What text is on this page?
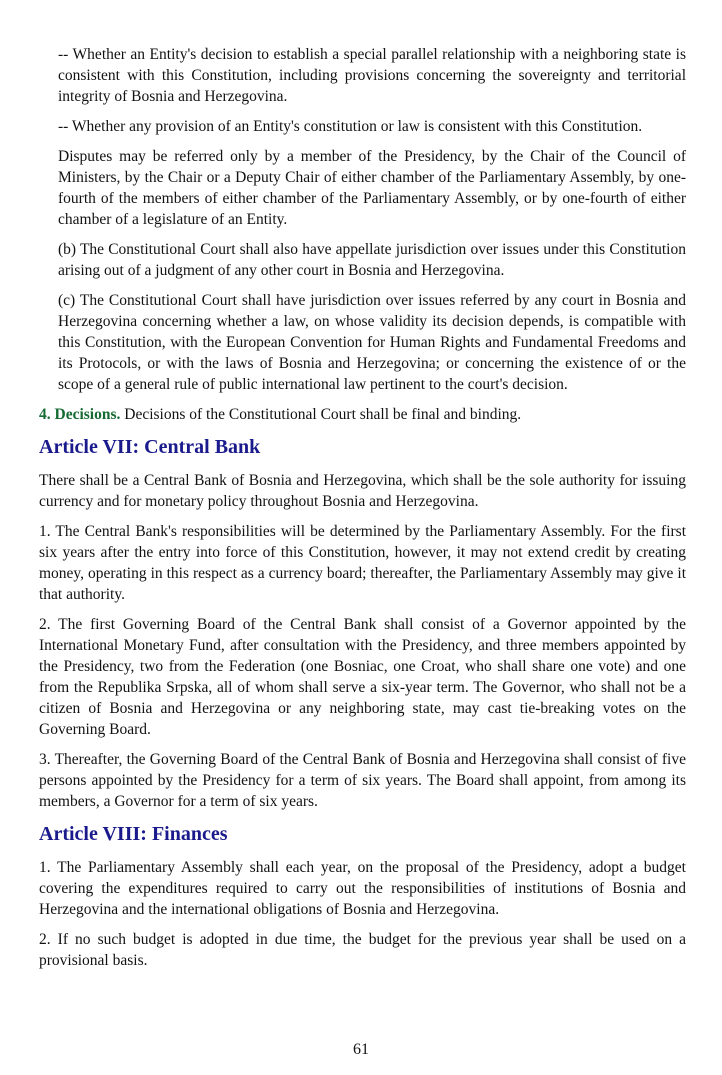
-- Whether an Entity's decision to establish a special parallel relationship with a neighboring state is consistent with this Constitution, including provisions concerning the sovereignty and territorial integrity of Bosnia and Herzegovina.

-- Whether any provision of an Entity's constitution or law is consistent with this Constitution.

Disputes may be referred only by a member of the Presidency, by the Chair of the Council of Ministers, by the Chair or a Deputy Chair of either chamber of the Parliamentary Assembly, by one-fourth of the members of either chamber of the Parliamentary Assembly, or by one-fourth of either chamber of a legislature of an Entity.

(b) The Constitutional Court shall also have appellate jurisdiction over issues under this Constitution arising out of a judgment of any other court in Bosnia and Herzegovina.

(c) The Constitutional Court shall have jurisdiction over issues referred by any court in Bosnia and Herzegovina concerning whether a law, on whose validity its decision depends, is compatible with this Constitution, with the European Convention for Human Rights and Fundamental Freedoms and its Protocols, or with the laws of Bosnia and Herzegovina; or concerning the existence of or the scope of a general rule of public international law pertinent to the court's decision.

4. Decisions. Decisions of the Constitutional Court shall be final and binding.

Article VII: Central Bank

There shall be a Central Bank of Bosnia and Herzegovina, which shall be the sole authority for issuing currency and for monetary policy throughout Bosnia and Herzegovina.

1. The Central Bank's responsibilities will be determined by the Parliamentary Assembly. For the first six years after the entry into force of this Constitution, however, it may not extend credit by creating money, operating in this respect as a currency board; thereafter, the Parliamentary Assembly may give it that authority.

2. The first Governing Board of the Central Bank shall consist of a Governor appointed by the International Monetary Fund, after consultation with the Presidency, and three members appointed by the Presidency, two from the Federation (one Bosniac, one Croat, who shall share one vote) and one from the Republika Srpska, all of whom shall serve a six-year term. The Governor, who shall not be a citizen of Bosnia and Herzegovina or any neighboring state, may cast tie-breaking votes on the Governing Board.

3. Thereafter, the Governing Board of the Central Bank of Bosnia and Herzegovina shall consist of five persons appointed by the Presidency for a term of six years. The Board shall appoint, from among its members, a Governor for a term of six years.

Article VIII: Finances

1. The Parliamentary Assembly shall each year, on the proposal of the Presidency, adopt a budget covering the expenditures required to carry out the responsibilities of institutions of Bosnia and Herzegovina and the international obligations of Bosnia and Herzegovina.

2. If no such budget is adopted in due time, the budget for the previous year shall be used on a provisional basis.

61
